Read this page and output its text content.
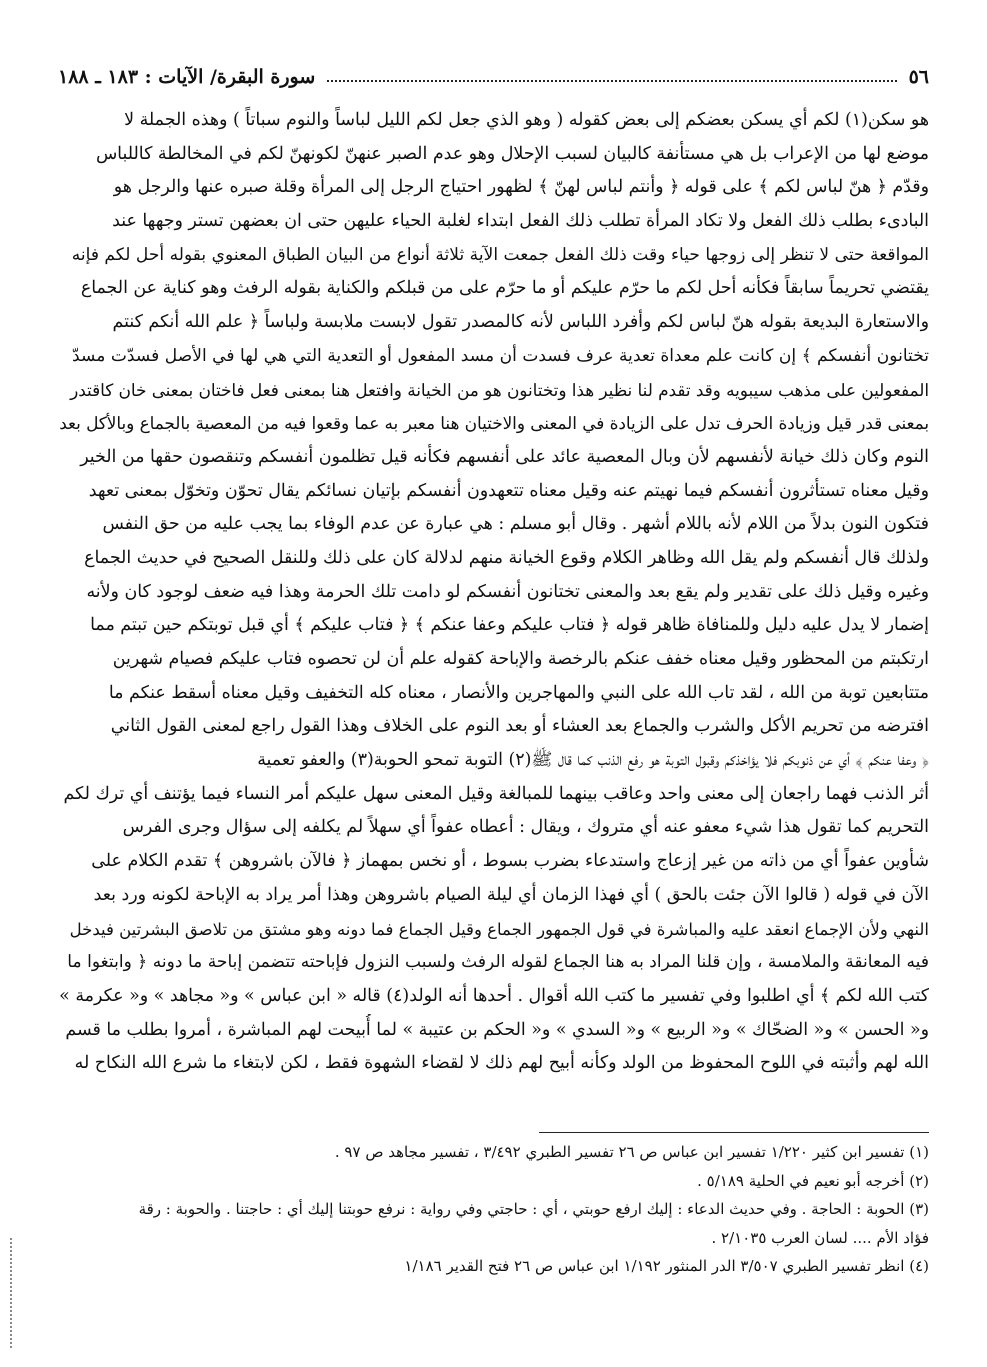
٥٦
سورة البقرة/ الآيات : ١٨٣ ـ ١٨٨
هو سكن(١) لكم أي يسكن بعضكم إلى بعض كقوله ( وهو الذي جعل لكم الليل لباساً والنوم سباتاً ) وهذه الجملة لا
موضع لها من الإعراب بل هي مستأنفة كالبيان لسبب الإحلال وهو عدم الصبر عنهنّ لكونهنّ لكم في المخالطة كاللباس
وقدّم ﴿ هنّ لباس لكم ﴾ على قوله ﴿ وأنتم لباس لهنّ ﴾ لظهور احتياج الرجل إلى المرأة وقلة صبره عنها والرجل هو
البادىء بطلب ذلك الفعل ولا تكاد المرأة تطلب ذلك الفعل ابتداء لغلبة الحياء عليهن حتى ان بعضهن تستر وجهها عند
المواقعة حتى لا تنظر إلى زوجها حياء وقت ذلك الفعل جمعت الآية ثلاثة أنواع من البيان الطباق المعنوي بقوله أحل لكم فإنه
يقتضي تحريماً سابقاً فكأنه أحل لكم ما حرّم عليكم أو ما حرّم على من قبلكم والكناية بقوله الرفث وهو كناية عن الجماع
والاستعارة البديعة بقوله هنّ لباس لكم وأفرد اللباس لأنه كالمصدر تقول لابست ملابسة ولباساً ﴿ علم الله أنكم كنتم
تختانون أنفسكم ﴾ إن كانت علم معداة تعدية عرف فسدت أن مسد المفعول أو التعدية التي هي لها في الأصل فسدّت مسدّ
المفعولين على مذهب سيبويه وقد تقدم لنا نظير هذا وتختانون هو من الخيانة وافتعل هنا بمعنى فعل فاختان بمعنى خان كاقتدر
بمعنى قدر قيل وزيادة الحرف تدل على الزيادة في المعنى والاختيان هنا معبر به عما وقعوا فيه من المعصية بالجماع وبالأكل بعد
النوم وكان ذلك خيانة لأنفسهم لأن وبال المعصية عائد على أنفسهم فكأنه قيل تظلمون أنفسكم وتنقصون حقها من الخير
وقيل معناه تستأثرون أنفسكم فيما نهيتم عنه وقيل معناه تتعهدون أنفسكم بإتيان نسائكم يقال تحوّن وتخوّل بمعنى تعهد
فتكون النون بدلاً من اللام لأنه باللام أشهر . وقال أبو مسلم : هي عبارة عن عدم الوفاء بما يجب عليه من حق النفس
ولذلك قال أنفسكم ولم يقل الله وظاهر الكلام وقوع الخيانة منهم لدلالة كان على ذلك وللنقل الصحيح في حديث الجماع
وغيره وقيل ذلك على تقدير ولم يقع بعد والمعنى تختانون أنفسكم لو دامت تلك الحرمة وهذا فيه ضعف لوجود كان ولأنه
إضمار لا يدل عليه دليل وللمنافاة ظاهر قوله ﴿ فتاب عليكم وعفا عنكم ﴾ ﴿ فتاب عليكم ﴾ أي قبل توبتكم حين تبتم مما
ارتكبتم من المحظور وقيل معناه خفف عنكم بالرخصة والإباحة كقوله علم أن لن تحصوه فتاب عليكم فصيام شهرين
متتابعين توبة من الله ، لقد تاب الله على النبي والمهاجرين والأنصار ، معناه كله التخفيف وقيل معناه أسقط عنكم ما
افترضه من تحريم الأكل والشرب والجماع بعد العشاء أو بعد النوم على الخلاف وهذا القول راجع لمعنى القول الثاني
﴿ وعفا عنكم ﴾ أي عن ذنوبكم فلا يؤاخذكم وقبول التوبة هو رفع الذنب كما قال ﷺ(٢) التوبة تمحو الحوبة(٣) والعفو تعمية
أثر الذنب فهما راجعان إلى معنى واحد وعاقب بينهما للمبالغة وقيل المعنى سهل عليكم أمر النساء فيما يؤتنف أي ترك لكم
التحريم كما تقول هذا شيء معفو عنه أي متروك ، ويقال : أعطاه عفواً أي سهلاً لم يكلفه إلى سؤال وجرى الفرس
شأوين عفواً أي من ذاته من غير إزعاج واستدعاء بضرب بسوط ، أو نخس بمهماز ﴿ فالآن باشروهن ﴾ تقدم الكلام على
الآن في قوله ( قالوا الآن جئت بالحق ) أي فهذا الزمان أي ليلة الصيام باشروهن وهذا أمر يراد به الإباحة لكونه ورد بعد
النهي ولأن الإجماع انعقد عليه والمباشرة في قول الجمهور الجماع وقيل الجماع فما دونه وهو مشتق من تلاصق البشرتين فيدخل
فيه المعانقة والملامسة ، وإن قلنا المراد به هنا الجماع لقوله الرفث ولسبب النزول فإباحته تتضمن إباحة ما دونه ﴿ وابتغوا ما
كتب الله لكم ﴾ أي اطلبوا وفي تفسير ما كتب الله أقوال . أحدها أنه الولد(٤) قاله « ابن عباس » و« مجاهد » و« عكرمة »
و« الحسن » و« الضحّاك » و« الربيع » و« السدي » و« الحكم بن عتيبة » لما أُبيحت لهم المباشرة ، أمروا بطلب ما قسم
الله لهم وأثبته في اللوح المحفوظ من الولد وكأنه أبيح لهم ذلك لا لقضاء الشهوة فقط ، لكن لابتغاء ما شرع الله النكاح له
(١) تفسير ابن كثير ١/٢٢٠ تفسير ابن عباس ص ٢٦ تفسير الطبري ٣/٤٩٢ ، تفسير مجاهد ص ٩٧ .
(٢) أخرجه أبو نعيم في الحلية ٥/١٨٩ .
(٣) الحوبة : الحاجة . وفي حديث الدعاء : إليك ارفع حوبتي ، أي : حاجتي وفي رواية : نرفع حوبتنا إليك أي : حاجتنا . والحوبة : رقة
فؤاد الأم .... لسان العرب ٢/١٠٣٥ .
(٤) انظر تفسير الطبري ٣/٥٠٧ الدر المنثور ١/١٩٢ ابن عباس ص ٢٦ فتح القدير ١/١٨٦
